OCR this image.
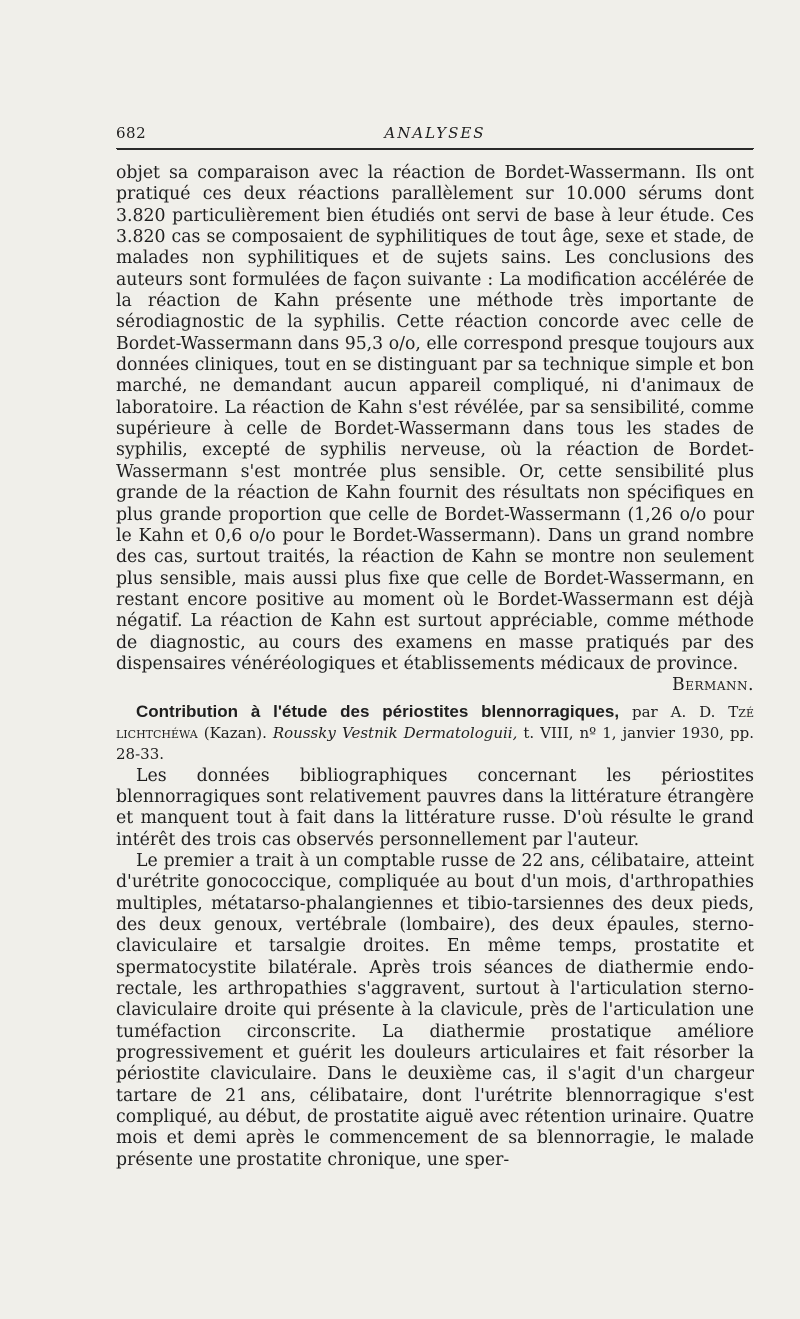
682	ANALYSES

objet sa comparaison avec la réaction de Bordet-Wassermann. Ils ont pratiqué ces deux réactions parallèlement sur 10.000 sérums dont 3.820 particulièrement bien étudiés ont servi de base à leur étude. Ces 3.820 cas se composaient de syphilitiques de tout âge, sexe et stade, de malades non syphilitiques et de sujets sains. Les conclusions des auteurs sont formulées de façon suivante : La modification accélérée de la réaction de Kahn présente une méthode très importante de sérodiagnostic de la syphilis. Cette réaction concorde avec celle de Bordet-Wassermann dans 95,3 o/o, elle correspond presque toujours aux données cliniques, tout en se distinguant par sa technique simple et bon marché, ne demandant aucun appareil compliqué, ni d'animaux de laboratoire. La réaction de Kahn s'est révélée, par sa sensibilité, comme supérieure à celle de Bordet-Wassermann dans tous les stades de syphilis, excepté de syphilis nerveuse, où la réaction de Bordet-Wassermann s'est montrée plus sensible. Or, cette sensibilité plus grande de la réaction de Kahn fournit des résultats non spécifiques en plus grande proportion que celle de Bordet-Wassermann (1,26 o/o pour le Kahn et 0,6 o/o pour le Bordet-Wassermann). Dans un grand nombre des cas, surtout traités, la réaction de Kahn se montre non seulement plus sensible, mais aussi plus fixe que celle de Bordet-Wassermann, en restant encore positive au moment où le Bordet-Wassermann est déjà négatif. La réaction de Kahn est surtout appréciable, comme méthode de diagnostic, au cours des examens en masse pratiqués par des dispensaires vénéréologiques et établissements médicaux de province.
Bermann.

Contribution à l'étude des périostites blennorragiques, par A. D. Tzé lichtchéwa (Kazan). Rousskу Vestnik Dermatologuii, t. VIII, nº 1, janvier 1930, pp. 28-33.

Les données bibliographiques concernant les périostites blennorragiques sont relativement pauvres dans la littérature étrangère et manquent tout à fait dans la littérature russe. D'où résulte le grand intérêt des trois cas observés personnellement par l'auteur.

Le premier a trait à un comptable russe de 22 ans, célibataire, atteint d'urétrite gonococcique, compliquée au bout d'un mois, d'arthropathies multiples, métatarso-phalangiennes et tibio-tarsiennes des deux pieds, des deux genoux, vertébrale (lombaire), des deux épaules, sterno-claviculaire et tarsalgie droites. En même temps, prostatite et spermatocystite bilatérale. Après trois séances de diathermie endo-rectale, les arthropathies s'aggravent, surtout à l'articulation sterno-claviculaire droite qui présente à la clavicule, près de l'articulation une tuméfaction circonscrite. La diathermie prostatique améliore progressivement et guérit les douleurs articulaires et fait résorber la périostite claviculaire. Dans le deuxième cas, il s'agit d'un chargeur tartare de 21 ans, célibataire, dont l'urétrite blennorragique s'est compliqué, au début, de prostatite aiguë avec rétention urinaire. Quatre mois et demi après le commencement de sa blennorragie, le malade présente une prostatite chronique, une sper-
